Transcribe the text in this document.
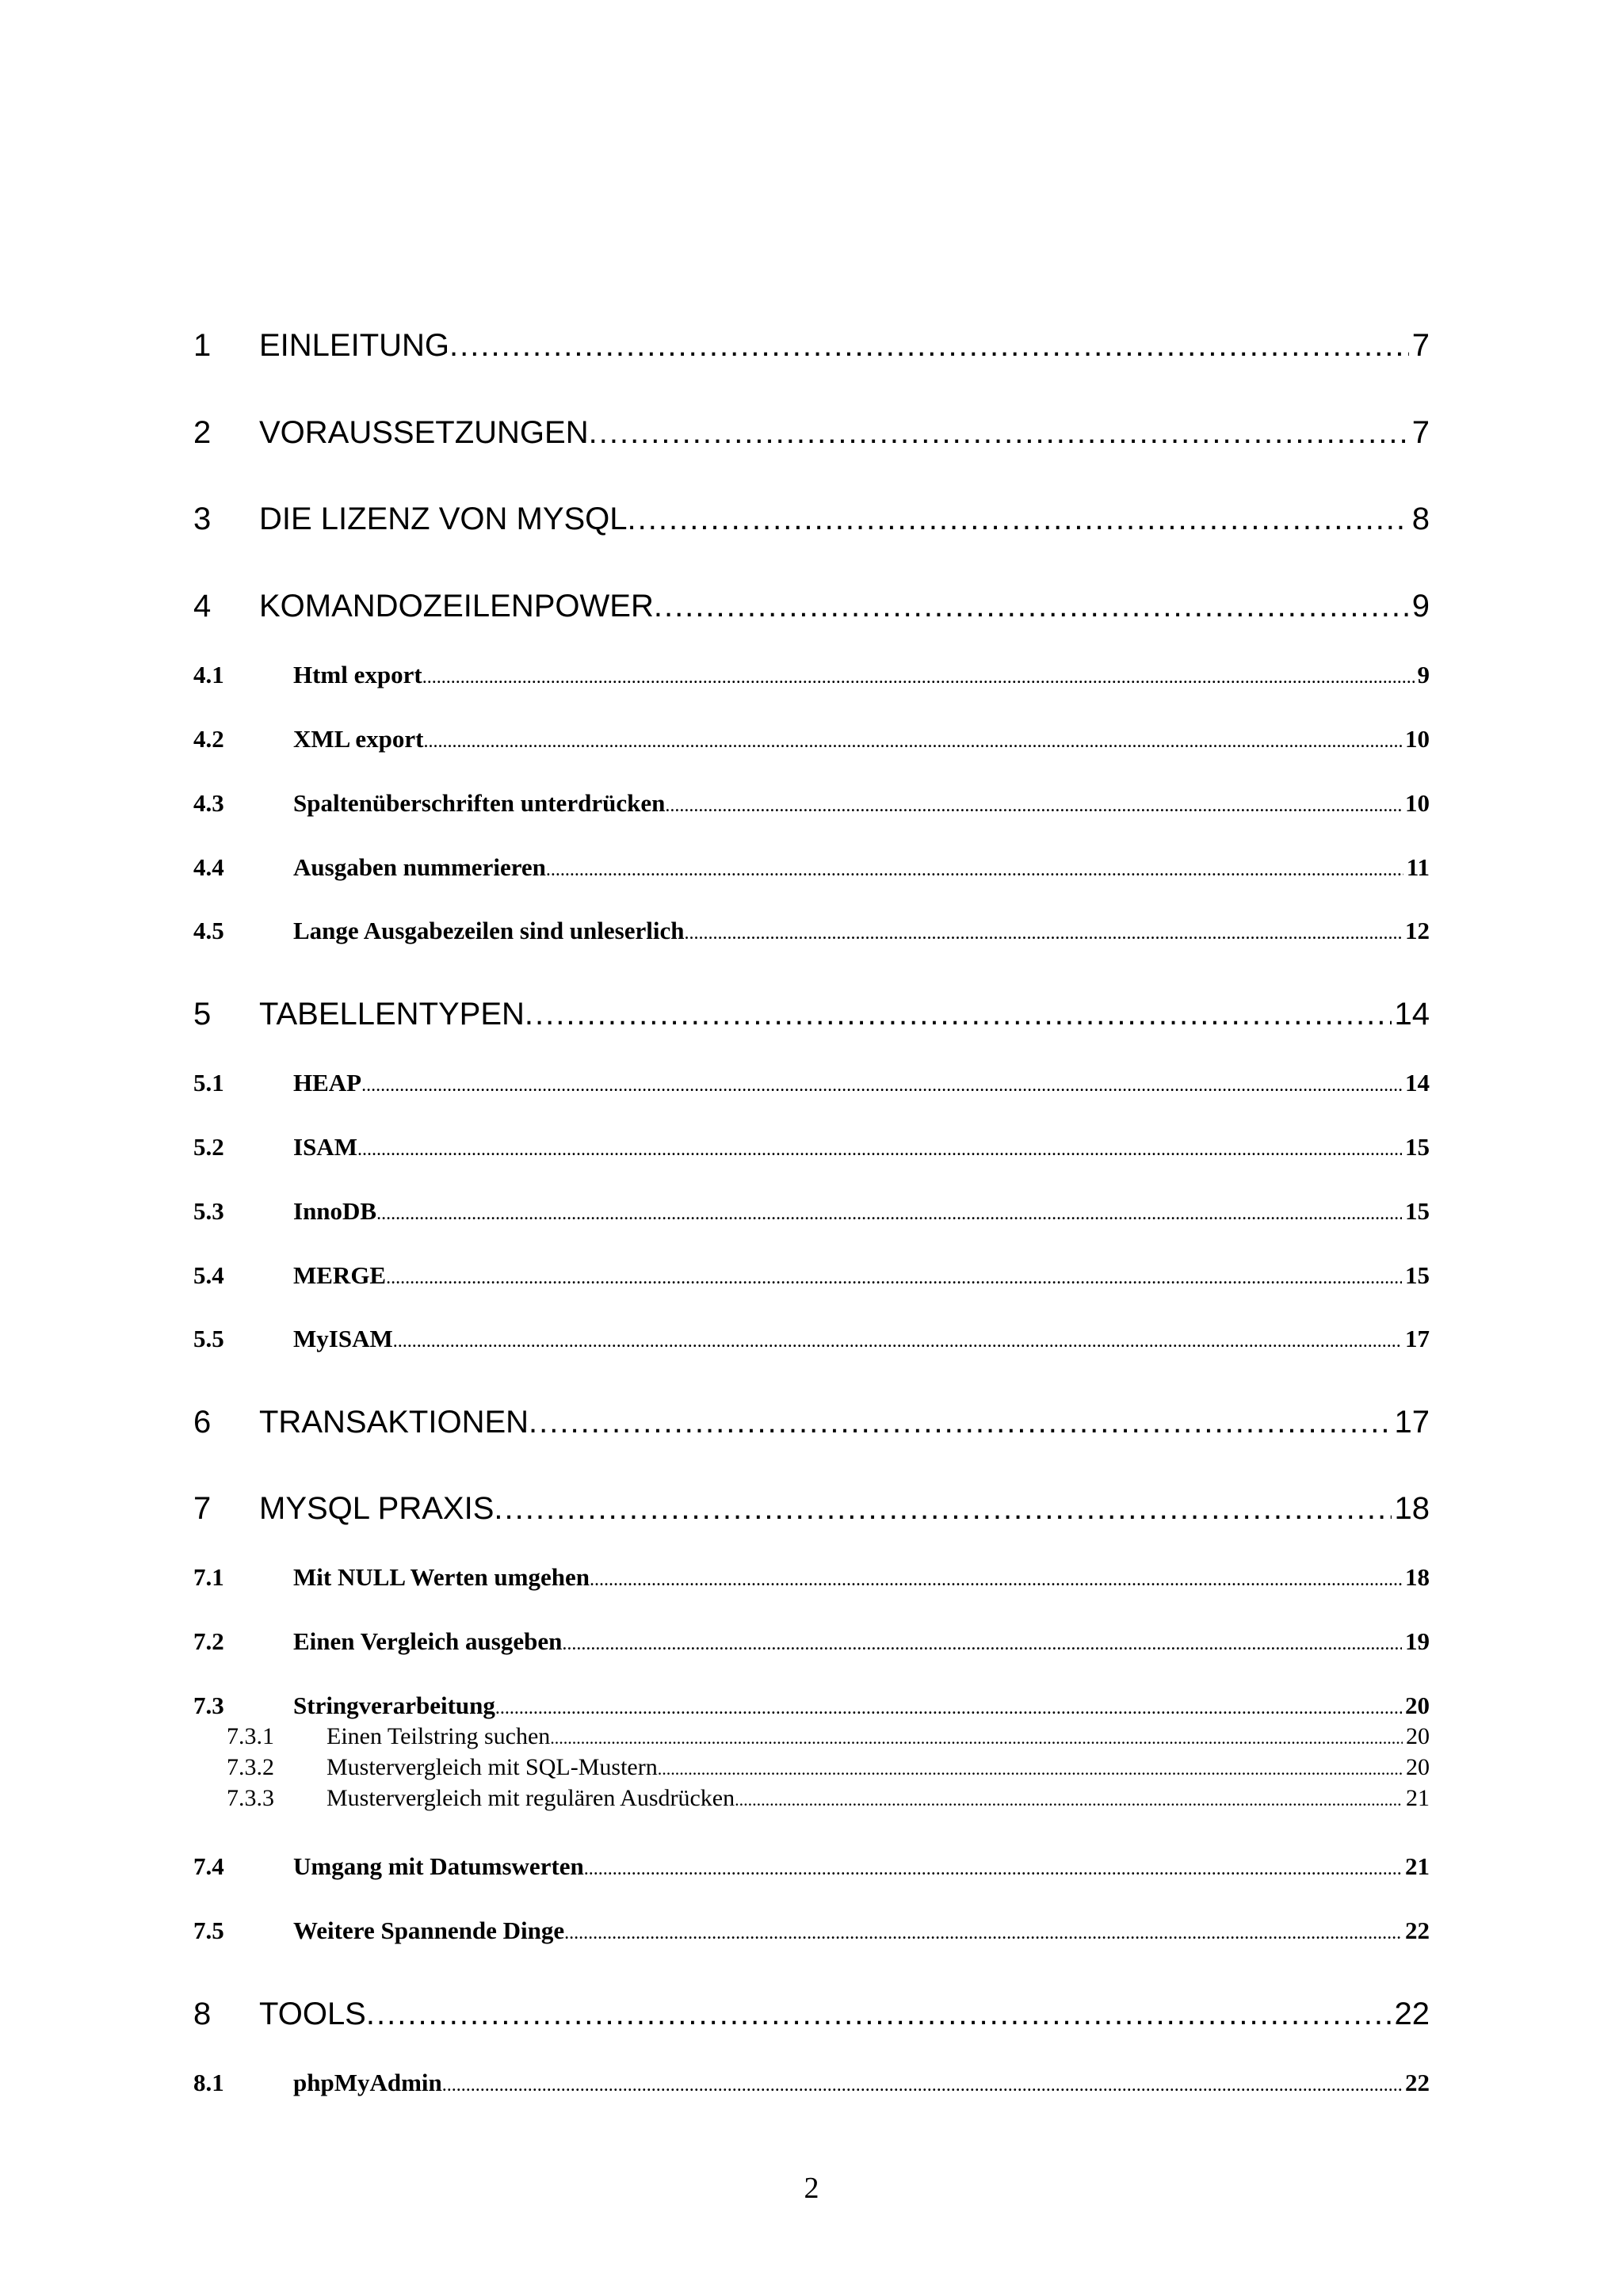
1	EINLEITUNG .....	7
2	VORAUSSETZUNGEN .....	7
3	DIE LIZENZ VON MYSQL .....	8
4	KOMANDOZEILENPOWER .....	9
4.1	Html export .....	9
4.2	XML export .....	10
4.3	Spaltenüberschriften unterdrücken .....	10
4.4	Ausgaben nummerieren .....	11
4.5	Lange Ausgabezeilen sind unleserlich .....	12
5	TABELLENTYPEN .....	14
5.1	HEAP .....	14
5.2	ISAM .....	15
5.3	InnoDB .....	15
5.4	MERGE .....	15
5.5	MyISAM .....	17
6	TRANSAKTIONEN .....	17
7	MYSQL PRAXIS .....	18
7.1	Mit NULL Werten umgehen .....	18
7.2	Einen Vergleich ausgeben .....	19
7.3	Stringverarbeitung .....	20
7.3.1	Einen Teilstring suchen .....	20
7.3.2	Mustervergleich mit SQL-Mustern .....	20
7.3.3	Mustervergleich mit regulären Ausdrücken .....	21
7.4	Umgang mit Datumswerten .....	21
7.5	Weitere Spannende Dinge .....	22
8	TOOLS .....	22
8.1	phpMyAdmin .....	22
2
